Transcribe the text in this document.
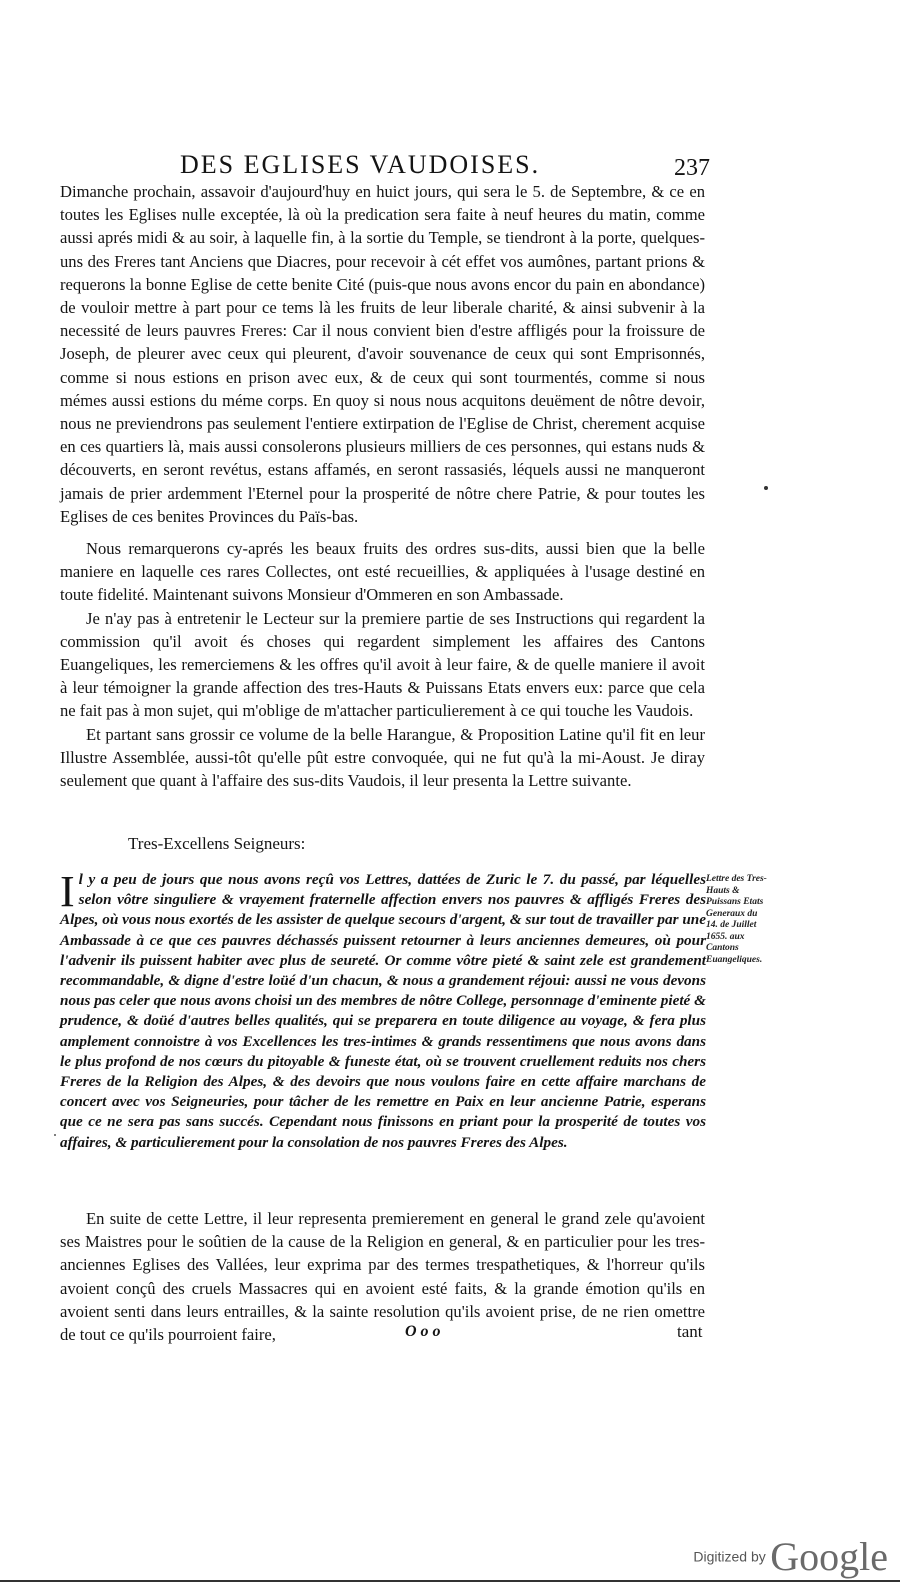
DES EGLISES VAUDOISES.	237

Dimanche prochain, assavoir d'aujourd'huy en huict jours, qui sera le 5. de Septembre, & ce en toutes les Eglises nulle exceptée, là où la predication sera faite à neuf heures du matin, comme aussi aprés midi & au soir, à laquelle fin, à la sortie du Temple, se tiendront à la porte, quelques-uns des Freres tant Anciens que Diacres, pour recevoir à cét effet vos aumônes, partant prions & requerons la bonne Eglise de cette benite Cité (puis-que nous avons encor du pain en abondance) de vouloir mettre à part pour ce tems là les fruits de leur liberale charité, & ainsi subvenir à la necessité de leurs pauvres Freres: Car il nous convient bien d'estre affligés pour la froissure de Joseph, de pleurer avec ceux qui pleurent, d'avoir souvenance de ceux qui sont Emprisonnés, comme si nous estions en prison avec eux, & de ceux qui sont tourmentés, comme si nous mémes aussi estions du méme corps. En quoy si nous nous acquitons deuëment de nôtre devoir, nous ne previendrons pas seulement l'entiere extirpation de l'Eglise de Christ, cherement acquise en ces quartiers là, mais aussi consolerons plusieurs milliers de ces personnes, qui estans nuds & découverts, en seront revétus, estans affamés, en seront rassasiés, léquels aussi ne manqueront jamais de prier ardemment l'Eternel pour la prosperité de nôtre chere Patrie, & pour toutes les Eglises de ces benites Provinces du Païs-bas.

Nous remarquerons cy-aprés les beaux fruits des ordres sus-dits, aussi bien que la belle maniere en laquelle ces rares Collectes, ont esté recueillies, & appliquées à l'usage destiné en toute fidelité. Maintenant suivons Monsieur d'Ommeren en son Ambassade.

Je n'ay pas à entretenir le Lecteur sur la premiere partie de ses Instructions qui regardent la commission qu'il avoit és choses qui regardent simplement les affaires des Cantons Euangeliques, les remerciemens & les offres qu'il avoit à leur faire, & de quelle maniere il avoit à leur témoigner la grande affection des tres-Hauts & Puissans Etats envers eux: parce que cela ne fait pas à mon sujet, qui m'oblige de m'attacher particulierement à ce qui touche les Vaudois.

Et partant sans grossir ce volume de la belle Harangue, & Proposition Latine qu'il fit en leur Illustre Assemblée, aussi-tôt qu'elle pût estre convoquée, qui ne fut qu'à la mi-Aoust. Je diray seulement que quant à l'affaire des sus-dits Vaudois, il leur presenta la Lettre suivante.

Tres-Excellens Seigneurs:
Il y a peu de jours que nous avons reçû vos Lettres, dattées de Zuric le 7. du passé, par léquelles selon vôtre singuliere & vrayement fraternelle affection envers nos pauvres & affligés Freres des Alpes, où vous nous exortés de les assister de quelque secours d'argent, & sur tout de travailler par une Ambassade à ce que ces pauvres déchassés puissent retourner à leurs anciennes demeures, où pour l'advenir ils puissent habiter avec plus de seureté. Or comme vôtre pieté & saint zele est grandement recommandable, & digne d'estre loüé d'un chacun, & nous a grandement réjoui: aussi ne vous devons nous pas celer que nous avons choisi un des membres de nôtre College, personnage d'eminente pieté & prudence, & doüé d'autres belles qualités, qui se preparera en toute diligence au voyage, & fera plus amplement connoistre à vos Excellences les tres-intimes & grands ressentimens que nous avons dans le plus profond de nos cœurs du pitoyable & funeste état, où se trouvent cruellement reduits nos chers Freres de la Religion des Alpes, & des devoirs que nous voulons faire en cette affaire marchans de concert avec vos Seigneuries, pour tâcher de les remettre en Paix en leur ancienne Patrie, esperans que ce ne sera pas sans succés. Cependant nous finissons en priant pour la prosperité de toutes vos affaires, & particulierement pour la consolation de nos pauvres Freres des Alpes.
Lettre des Tres-Hauts & Puissans Etats Generaux du 14. de Juillet 1655. aux Cantons Euangeliques.

En suite de cette Lettre, il leur representa premierement en general le grand zele qu'avoient ses Maistres pour le soûtien de la cause de la Religion en general, & en particulier pour les tres-anciennes Eglises des Vallées, leur exprima par des termes trespathetiques, & l'horreur qu'ils avoient conçû des cruels Massacres qui en avoient esté faits, & la grande émotion qu'ils en avoient senti dans leurs entrailles, & la sainte resolution qu'ils avoient prise, de ne rien omettre de tout ce qu'ils pourroient faire,	O o o	tant
Digitized by Google
